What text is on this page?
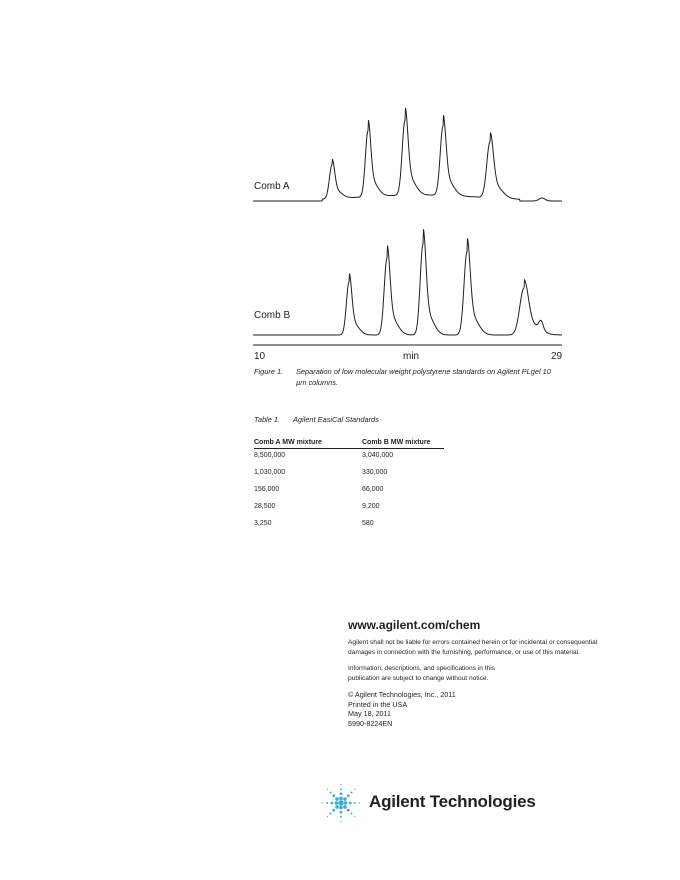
Comb A
Comb B
10	min	29
Figure 1. Separation of low molecular weight polystyrene standards on Agilent PLgel 10 µm columns.
Table 1. Agilent EasiCal Standards
Comb A MW mixture	Comb B MW mixture
8,500,000	3,040,000
1,030,000	330,000
156,000	66,000
28,500	9,200
3,250	580
www.agilent.com/chem
Agilent shall not be liable for errors contained herein or for incidental or consequential damages in connection with the furnishing, performance, or use of this material.
Information, descriptions, and specifications in this publication are subject to change without notice.
© Agilent Technologies, Inc., 2011
Printed in the USA
May 18, 2011
5990-8224EN
Agilent Technologies
